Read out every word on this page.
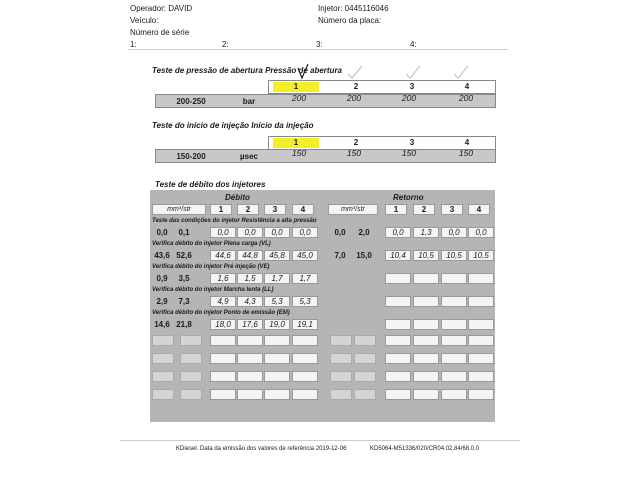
Operador: DAVID
Veículo:
Número de série
Injetor: 0445116046
Número da placa:
1:	2:	3:	4:
Teste de pressão de abertura Pressão de abertura
1	2	3	4
200-250	bar	200	200	200	200
Teste do início de injeção Início da injeção
1	2	3	4
150-200	µsec	150	150	150	150
Teste de débito dos injetores
Débito	Retorno
mm³/str	1	2	3	4	mm³/str	1	2	3	4
Teste das condições do injetor Resistência a alta pressão
0,0	0,1	0,0	0,0	0,0	0,0	0,0	2,0	0,0	1,3	0,0	0,0
Verifica débito do injetor Plena carga (VL)
43,6 52,6	44,6	44,8	45,8	45,0	7,0	15,0	10,4	10,5	10,5	10,5
Verifica débito do injetor Pré injeção (VE)
0,9	3,5	1,6	1,5	1,7	1,7
Verifica débito do injetor Marcha lenta (LL)
2,9	7,3	4,9	4,3	5,3	5,3
Verifica débito do injetor Ponto de emissão (EM)
14,6 21,8	18,0	17,6	19,0	19,1
KDiesel. Data da emissão dos valores de referência 2019-12-06	KD5064-M51336/020/CR04.02.84/68.0.0
